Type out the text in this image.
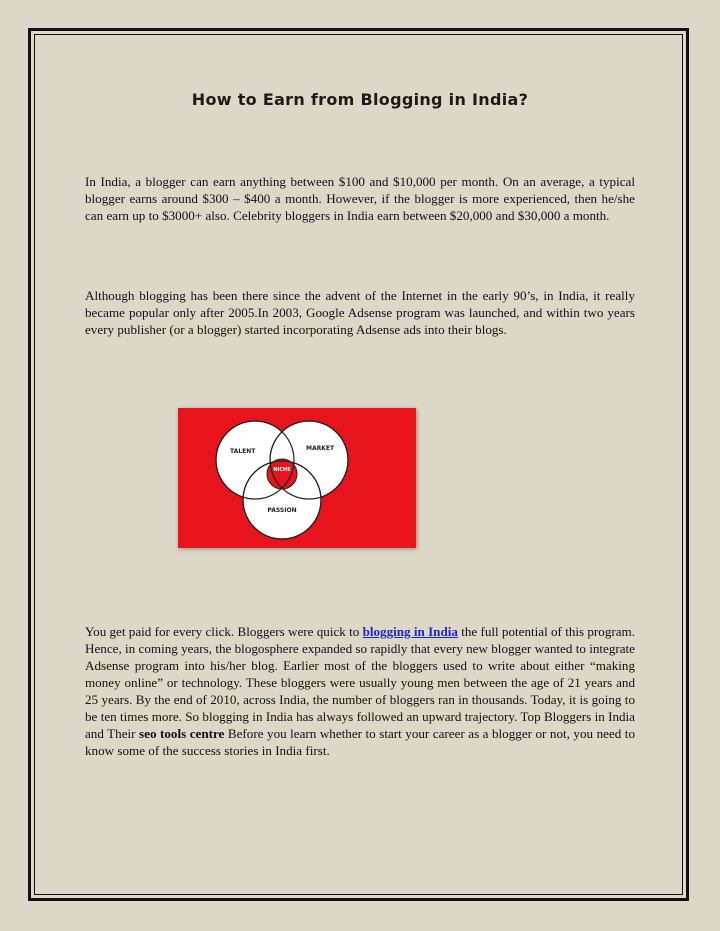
How to Earn from Blogging in India?

In India, a blogger can earn anything between $100 and $10,000 per month. On an average, a typical blogger earns around $300 – $400 a month. However, if the blogger is more experienced, then he/she can earn up to $3000+ also. Celebrity bloggers in India earn between $20,000 and $30,000 a month.

Although blogging has been there since the advent of the Internet in the early 90’s, in India, it really became popular only after 2005.In 2003, Google Adsense program was launched, and within two years every publisher (or a blogger) started incorporating Adsense ads into their blogs.

TALENT	MARKET
NICHE
PASSION

You get paid for every click. Bloggers were quick to blogging in India the full potential of this program. Hence, in coming years, the blogosphere expanded so rapidly that every new blogger wanted to integrate Adsense program into his/her blog. Earlier most of the bloggers used to write about either “making money online” or technology. These bloggers were usually young men between the age of 21 years and 25 years. By the end of 2010, across India, the number of bloggers ran in thousands. Today, it is going to be ten times more. So blogging in India has always followed an upward trajectory. Top Bloggers in India and Their seo tools centre Before you learn whether to start your career as a blogger or not, you need to know some of the success stories in India first.
